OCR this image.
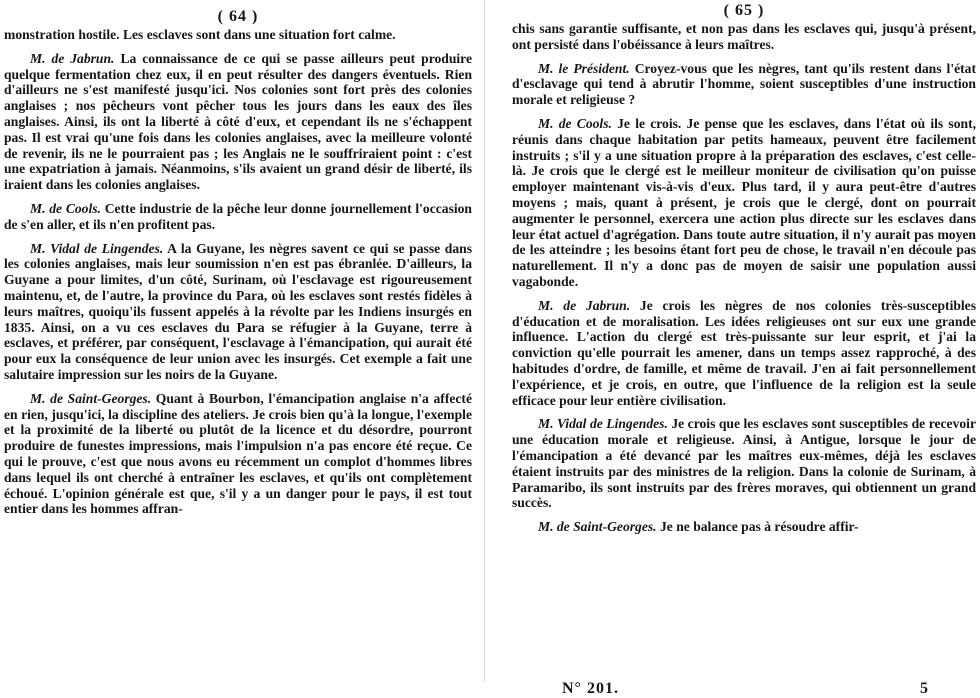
( 64 )

monstration hostile. Les esclaves sont dans une situation fort calme.

M. de Jabrun. La connaissance de ce qui se passe ailleurs peut produire quelque fermentation chez eux, il en peut résulter des dangers éventuels. Rien d'ailleurs ne s'est manifesté jusqu'ici. Nos colonies sont fort près des colonies anglaises ; nos pêcheurs vont pêcher tous les jours dans les eaux des îles anglaises. Ainsi, ils ont la liberté à côté d'eux, et cependant ils ne s'échappent pas. Il est vrai qu'une fois dans les colonies anglaises, avec la meilleure volonté de revenir, ils ne le pourraient pas ; les Anglais ne le souffriraient point : c'est une expatriation à jamais. Néanmoins, s'ils avaient un grand désir de liberté, ils iraient dans les colonies anglaises.

M. de Cools. Cette industrie de la pêche leur donne journellement l'occasion de s'en aller, et ils n'en profitent pas.

M. Vidal de Lingendes. A la Guyane, les nègres savent ce qui se passe dans les colonies anglaises, mais leur soumission n'en est pas ébranlée. D'ailleurs, la Guyane a pour limites, d'un côté, Surinam, où l'esclavage est rigoureusement maintenu, et, de l'autre, la province du Para, où les esclaves sont restés fidèles à leurs maîtres, quoiqu'ils fussent appelés à la révolte par les Indiens insurgés en 1835. Ainsi, on a vu ces esclaves du Para se réfugier à la Guyane, terre à esclaves, et préférer, par conséquent, l'esclavage à l'émancipation, qui aurait été pour eux la conséquence de leur union avec les insurgés. Cet exemple a fait une salutaire impression sur les noirs de la Guyane.

M. de Saint-Georges. Quant à Bourbon, l'émancipation anglaise n'a affecté en rien, jusqu'ici, la discipline des ateliers. Je crois bien qu'à la longue, l'exemple et la proximité de la liberté ou plutôt de la licence et du désordre, pourront produire de funestes impressions, mais l'impulsion n'a pas encore été reçue. Ce qui le prouve, c'est que nous avons eu récemment un complot d'hommes libres dans lequel ils ont cherché à entraîner les esclaves, et qu'ils ont complètement échoué. L'opinion générale est que, s'il y a un danger pour le pays, il est tout entier dans les hommes affran-

( 65 )

chis sans garantie suffisante, et non pas dans les esclaves qui, jusqu'à présent, ont persisté dans l'obéissance à leurs maîtres.

M. le Président. Croyez-vous que les nègres, tant qu'ils restent dans l'état d'esclavage qui tend à abrutir l'homme, soient susceptibles d'une instruction morale et religieuse ?

M. de Cools. Je le crois. Je pense que les esclaves, dans l'état où ils sont, réunis dans chaque habitation par petits hameaux, peuvent être facilement instruits ; s'il y a une situation propre à la préparation des esclaves, c'est celle-là. Je crois que le clergé est le meilleur moniteur de civilisation qu'on puisse employer maintenant vis-à-vis d'eux. Plus tard, il y aura peut-être d'autres moyens ; mais, quant à présent, je crois que le clergé, dont on pourrait augmenter le personnel, exercera une action plus directe sur les esclaves dans leur état actuel d'agrégation. Dans toute autre situation, il n'y aurait pas moyen de les atteindre ; les besoins étant fort peu de chose, le travail n'en découle pas naturellement. Il n'y a donc pas de moyen de saisir une population aussi vagabonde.

M. de Jabrun. Je crois les nègres de nos colonies très-susceptibles d'éducation et de moralisation. Les idées religieuses ont sur eux une grande influence. L'action du clergé est très-puissante sur leur esprit, et j'ai la conviction qu'elle pourrait les amener, dans un temps assez rapproché, à des habitudes d'ordre, de famille, et même de travail. J'en ai fait personnellement l'expérience, et je crois, en outre, que l'influence de la religion est la seule efficace pour leur entière civilisation.

M. Vidal de Lingendes. Je crois que les esclaves sont susceptibles de recevoir une éducation morale et religieuse. Ainsi, à Antigue, lorsque le jour de l'émancipation a été devancé par les maîtres eux-mêmes, déjà les esclaves étaient instruits par des ministres de la religion. Dans la colonie de Surinam, à Paramaribo, ils sont instruits par des frères moraves, qui obtiennent un grand succès.

M. de Saint-Georges. Je ne balance pas à résoudre affir-

N° 201.	5
